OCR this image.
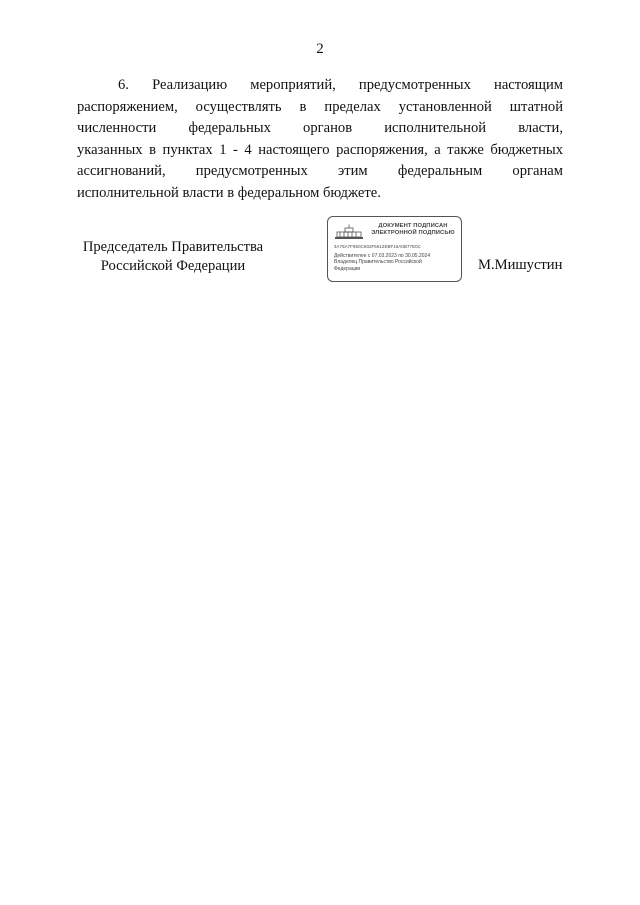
2
6. Реализацию мероприятий, предусмотренных настоящим
распоряжением, осуществлять в пределах установленной штатной
численности федеральных органов исполнительной власти,
указанных в пунктах 1 - 4 настоящего распоряжения, а также бюджетных
ассигнований, предусмотренных этим федеральным органам
исполнительной власти в федеральном бюджете.
Председатель Правительства
Российской Федерации
ДОКУМЕНТ ПОДПИСАН
ЭЛЕКТРОННОЙ ПОДПИСЬЮ
3A75A7F950C602F5612EBF16A0B77E0C
Действителен с 07.03.2023 по 30.05.2024
Владелец Правительство Российской
Федерации	М.Мишустин
